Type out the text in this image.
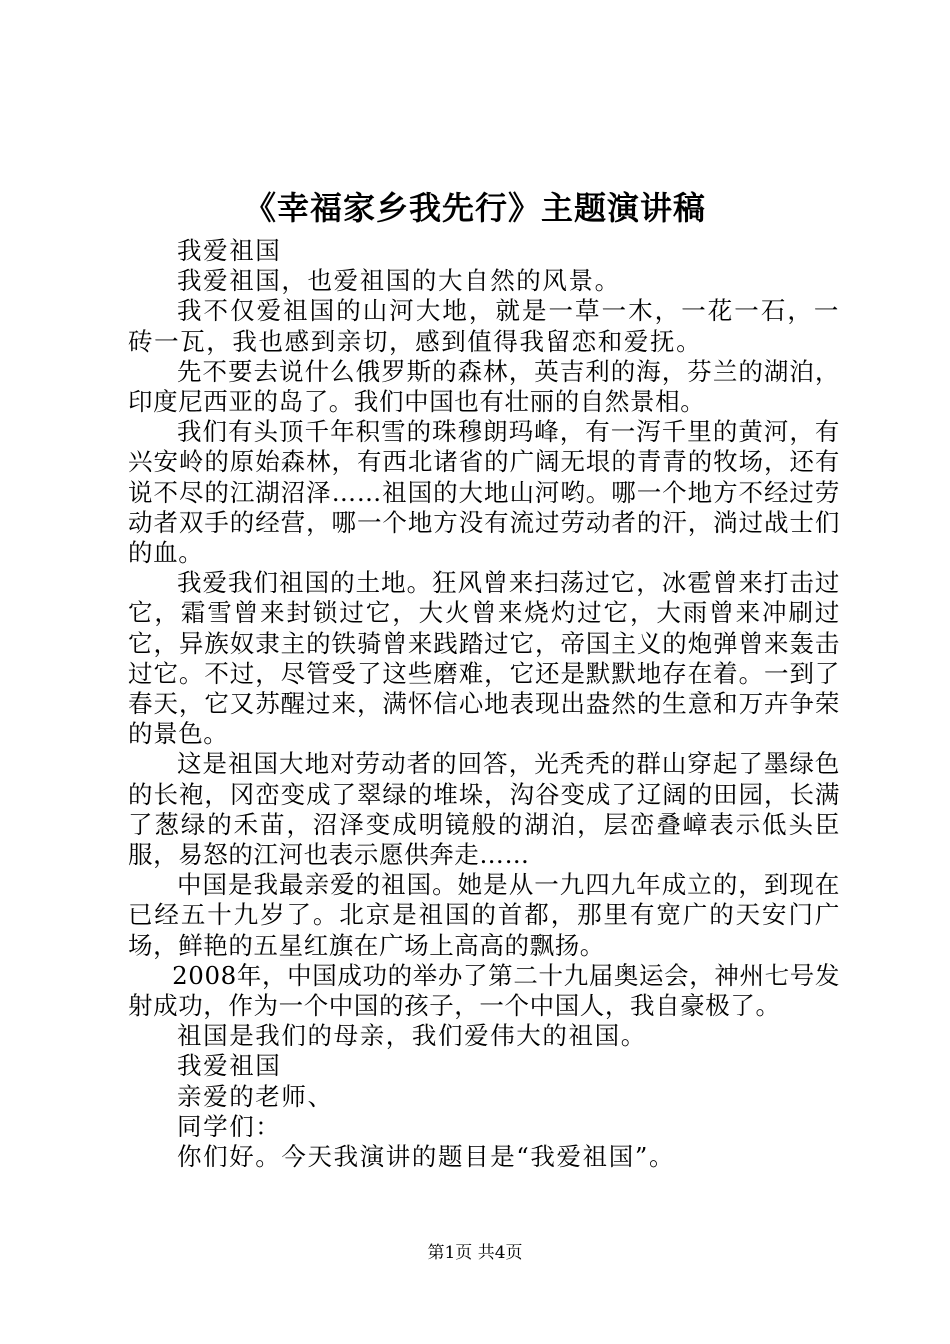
《幸福家乡我先行》主题演讲稿

我爱祖国

我爱祖国，也爱祖国的大自然的风景。

我不仅爱祖国的山河大地，就是一草一木，一花一石，一砖一瓦，我也感到亲切，感到值得我留恋和爱抚。

先不要去说什么俄罗斯的森林，英吉利的海，芬兰的湖泊，印度尼西亚的岛了。我们中国也有壮丽的自然景相。

我们有头顶千年积雪的珠穆朗玛峰，有一泻千里的黄河，有兴安岭的原始森林，有西北诸省的广阔无垠的青青的牧场，还有说不尽的江湖沼泽……祖国的大地山河哟。哪一个地方不经过劳动者双手的经营，哪一个地方没有流过劳动者的汗，淌过战士们的血。

我爱我们祖国的土地。狂风曾来扫荡过它，冰雹曾来打击过它，霜雪曾来封锁过它，大火曾来烧灼过它，大雨曾来冲刷过它，异族奴隶主的铁骑曾来践踏过它，帝国主义的炮弹曾来轰击过它。不过，尽管受了这些磨难，它还是默默地存在着。一到了春天，它又苏醒过来，满怀信心地表现出盎然的生意和万卉争荣的景色。

这是祖国大地对劳动者的回答，光秃秃的群山穿起了墨绿色的长袍，冈峦变成了翠绿的堆垛，沟谷变成了辽阔的田园，长满了葱绿的禾苗，沼泽变成明镜般的湖泊，层峦叠嶂表示低头臣服，易怒的江河也表示愿供奔走……

中国是我最亲爱的祖国。她是从一九四九年成立的，到现在已经五十九岁了。北京是祖国的首都，那里有宽广的天安门广场，鲜艳的五星红旗在广场上高高的飘扬。

2008年，中国成功的举办了第二十九届奥运会，神州七号发射成功，作为一个中国的孩子，一个中国人，我自豪极了。

祖国是我们的母亲，我们爱伟大的祖国。

我爱祖国

亲爱的老师、

同学们：

你们好。今天我演讲的题目是“我爱祖国”。

第1页 共4页
